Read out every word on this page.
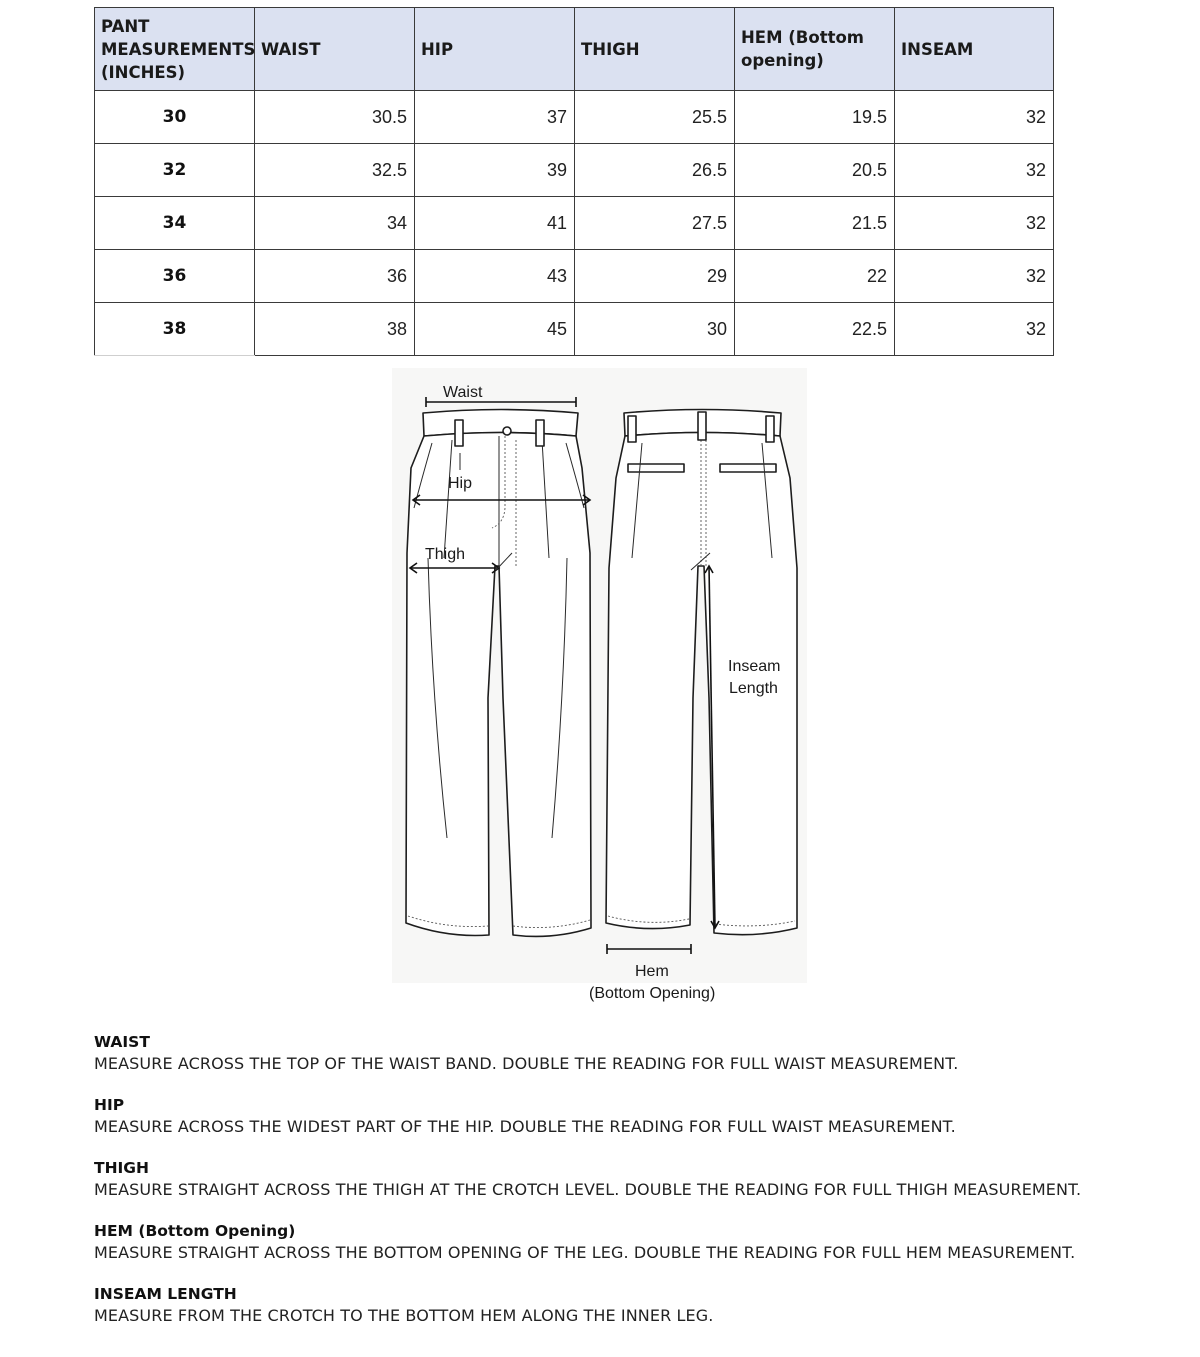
PANT MEASUREMENTS (INCHES)	WAIST	HIP	THIGH	HEM (Bottom opening)	INSEAM
30	30.5	37	25.5	19.5	32
32	32.5	39	26.5	20.5	32
34	34	41	27.5	21.5	32
36	36	43	29	22	32
38	38	45	30	22.5	32
Waist
Hip
Thigh
Inseam
Length
Hem
(Bottom Opening)
WAIST
MEASURE ACROSS THE TOP OF THE WAIST BAND. DOUBLE THE READING FOR FULL WAIST MEASUREMENT.
HIP
MEASURE ACROSS THE WIDEST PART OF THE HIP. DOUBLE THE READING FOR FULL WAIST MEASUREMENT.
THIGH
MEASURE STRAIGHT ACROSS THE THIGH AT THE CROTCH LEVEL. DOUBLE THE READING FOR FULL THIGH MEASUREMENT.
HEM (Bottom Opening)
MEASURE STRAIGHT ACROSS THE BOTTOM OPENING OF THE LEG. DOUBLE THE READING FOR FULL HEM MEASUREMENT.
INSEAM LENGTH
MEASURE FROM THE CROTCH TO THE BOTTOM HEM ALONG THE INNER LEG.
